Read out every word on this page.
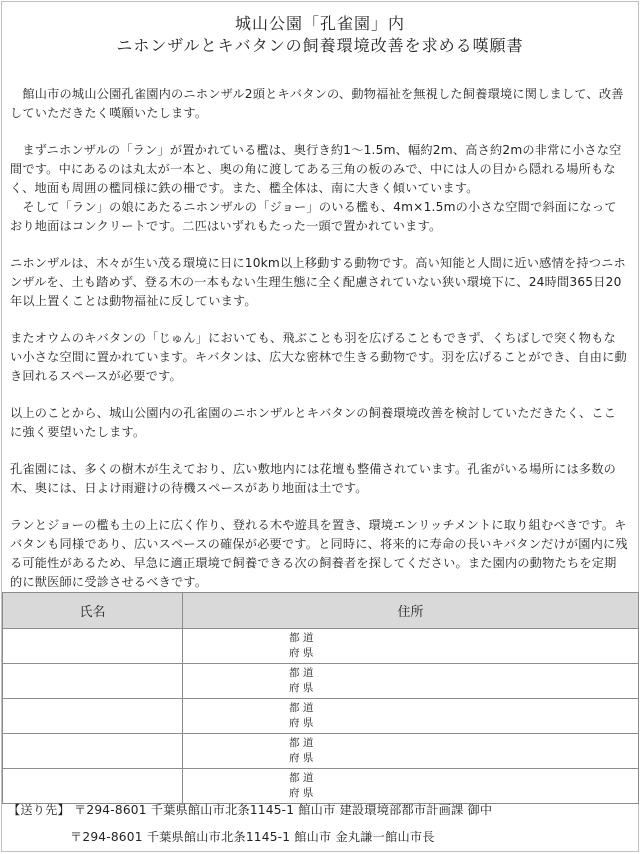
城山公園「孔雀園」内
ニホンザルとキバタンの飼養環境改善を求める嘆願書

　館山市の城山公園孔雀園内のニホンザル2頭とキバタンの、動物福祉を無視した飼養環境に関しまして、改善していただきたく嘆願いたします。

　まずニホンザルの「ラン」が置かれている檻は、奥行き約1～1.5m、幅約2m、高さ約2mの非常に小さな空間です。中にあるのは丸太が一本と、奥の角に渡してある三角の板のみで、中には人の目から隠れる場所もなく、地面も周囲の檻同様に鉄の柵です。また、檻全体は、南に大きく傾いています。

　そして「ラン」の娘にあたるニホンザルの「ジョー」のいる檻も、4m×1.5mの小さな空間で斜面になっており地面はコンクリートです。二匹はいずれもたった一頭で置かれています。

ニホンザルは、木々が生い茂る環境に日に10km以上移動する動物です。高い知能と人間に近い感情を持つニホンザルを、土も踏めず、登る木の一本もない生理生態に全く配慮されていない狭い環境下に、24時間365日20年以上置くことは動物福祉に反しています。

またオウムのキバタンの「じゅん」においても、飛ぶことも羽を広げることもできず、くちばしで突く物もない小さな空間に置かれています。キバタンは、広大な密林で生きる動物です。羽を広げることができ、自由に動き回れるスペースが必要です。

以上のことから、城山公園内の孔雀園のニホンザルとキバタンの飼養環境改善を検討していただきたく、ここに強く要望いたします。

孔雀園には、多くの樹木が生えており、広い敷地内には花壇も整備されています。孔雀がいる場所には多数の木、奥には、日よけ雨避けの待機スペースがあり地面は土です。

ランとジョーの檻も土の上に広く作り、登れる木や遊具を置き、環境エンリッチメントに取り組むべきです。キバタンも同様であり、広いスペースの確保が必要です。と同時に、将来的に寿命の長いキバタンだけが園内に残る可能性があるため、早急に適正環境で飼養できる次の飼養者を探してください。また園内の動物たちを定期的に獣医師に受診させるべきです。

氏名	住所

	都 道
府 県

	都 道
府 県

	都 道
府 県

	都 道
府 県

	都 道
府 県
【送り先】 〒294-8601 千葉県館山市北条1145-1 館山市 建設環境部都市計画課 御中
〒294-8601 千葉県館山市北条1145-1 館山市 金丸謙一館山市長
